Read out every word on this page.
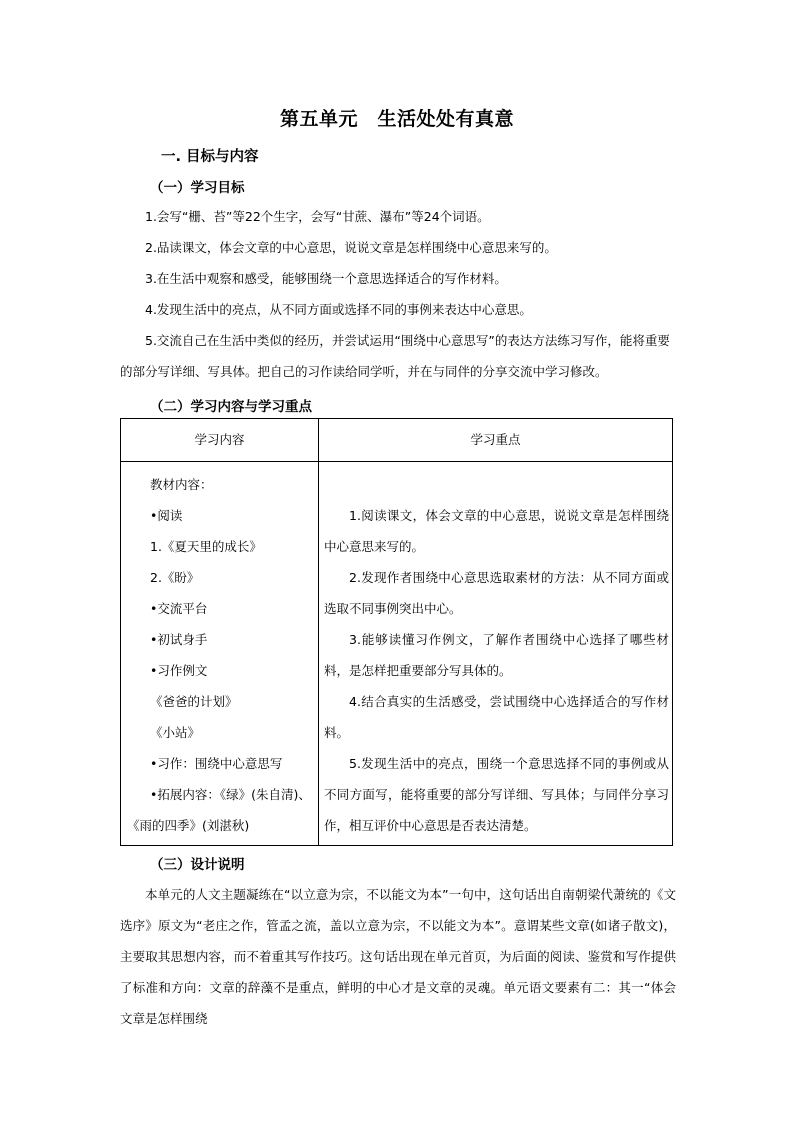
第五单元　生活处处有真意
一. 目标与内容
（一）学习目标
1.会写“栅、苔”等22个生字，会写“甘蔗、瀑布”等24个词语。
2.品读课文，体会文章的中心意思，说说文章是怎样围绕中心意思来写的。
3.在生活中观察和感受，能够围绕一个意思选择适合的写作材料。
4.发现生活中的亮点，从不同方面或选择不同的事例来表达中心意思。

5.交流自己在生活中类似的经历，并尝试运用“围绕中心意思写”的表达方法练习写作，能将重要的部分写详细、写具体。把自己的习作读给同学听，并在与同伴的分享交流中学习修改。

（二）学习内容与学习重点
学习内容	学习重点
教材内容：
•阅读
1.《夏天里的成长》
2.《盼》
•交流平台
•初试身手
•习作例文
《爸爸的计划》
《小站》
•习作：围绕中心意思写
•拓展内容：《绿》(朱自清)、
《雨的四季》(刘湛秋)

1.阅读课文，体会文章的中心意思，说说文章是怎样围绕中心意思来写的。

2.发现作者围绕中心意思选取素材的方法：从不同方面或选取不同事例突出中心。

3.能够读懂习作例文，了解作者围绕中心选择了哪些材料，是怎样把重要部分写具体的。

4.结合真实的生活感受，尝试围绕中心选择适合的写作材料。

5.发现生活中的亮点，围绕一个意思选择不同的事例或从不同方面写，能将重要的部分写详细、写具体；与同伴分享习作，相互评价中心意思是否表达清楚。

（三）设计说明

本单元的人文主题凝练在“以立意为宗，不以能文为本”一句中，这句话出自南朝梁代萧统的《文选序》原文为“老庄之作，管孟之流，盖以立意为宗，不以能文为本”。意谓某些文章(如诸子散文)，主要取其思想内容，而不着重其写作技巧。这句话出现在单元首页，为后面的阅读、鉴赏和写作提供了标准和方向：文章的辞藻不是重点，鲜明的中心才是文章的灵魂。单元语文要素有二：其一“体会文章是怎样围绕
